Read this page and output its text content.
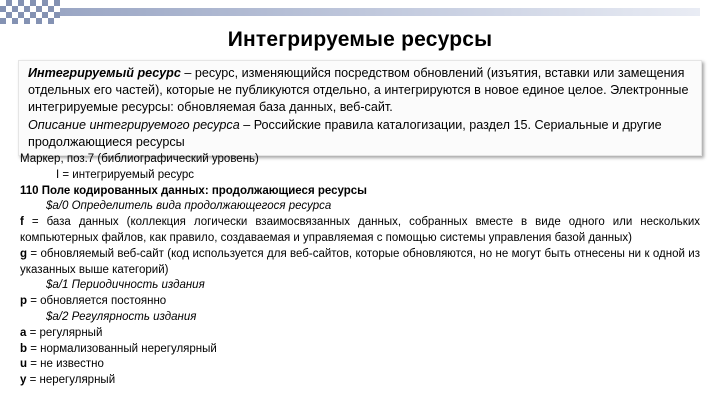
Интегрируемые ресурсы
Интегрируемый ресурс – ресурс, изменяющийся посредством обновлений (изъятия, вставки или замещения отдельных его частей), которые не публикуются отдельно, а интегрируются в новое единое целое. Электронные интегрируемые ресурсы: обновляемая база данных, веб-сайт.
Описание интегрируемого ресурса – Российские правила каталогизации, раздел 15. Сериальные и другие продолжающиеся ресурсы

Маркер, поз.7 (библиографический уровень)

I = интегрируемый ресурс

110 Поле кодированных данных: продолжающиеся ресурсы

$a/0 Определитель вида продолжающегося ресурса

f = база данных (коллекция логически взаимосвязанных данных, собранных вместе в виде одного или нескольких компьютерных файлов, как правило, создаваемая и управляемая с помощью системы управления базой данных)

g = обновляемый веб-сайт (код используется для веб-сайтов, которые обновляются, но не могут быть отнесены ни к одной из указанных выше категорий)

$a/1 Периодичность издания

p = обновляется постоянно

$a/2 Регулярность издания

a = регулярный

b = нормализованный нерегулярный

u = не известно

y = нерегулярный
